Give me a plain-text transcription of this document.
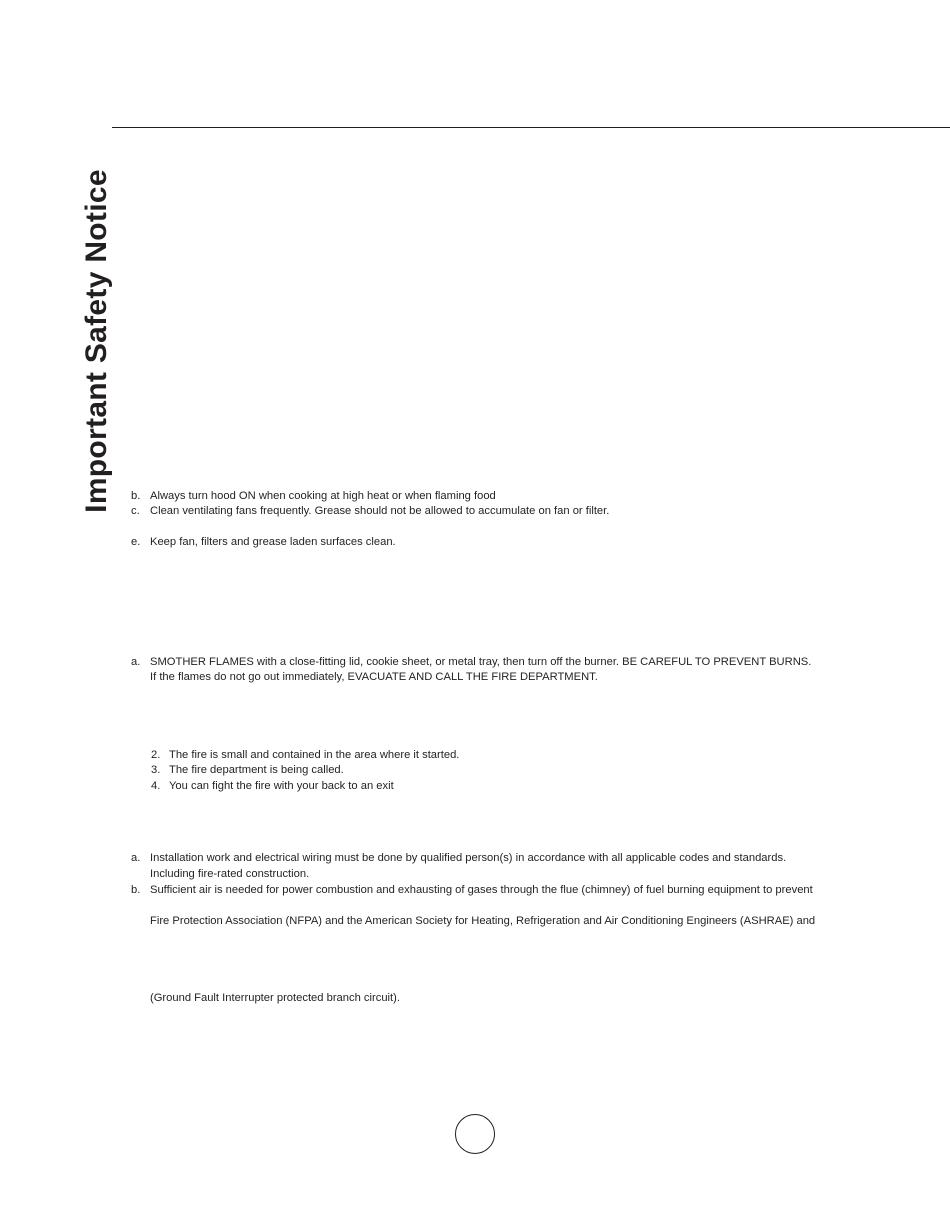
Important Safety Notice b. Always turn hood ON when cooking at high heat or when flaming food
c. Clean ventilating fans frequently. Grease should not be allowed to accumulate on fan or filter.
e. Keep fan, filters and grease laden surfaces clean.
a. SMOTHER FLAMES with a close-fitting lid, cookie sheet, or metal tray, then turn off the burner. BE CAREFUL TO PREVENT BURNS.
If the flames do not go out immediately, EVACUATE AND CALL THE FIRE DEPARTMENT.
2. The fire is small and contained in the area where it started.
3. The fire department is being called.
4. You can fight the fire with your back to an exit
a. Installation work and electrical wiring must be done by qualified person(s) in accordance with all applicable codes and standards.
Including fire-rated construction.
b. Sufficient air is needed for power combustion and exhausting of gases through the flue (chimney) of fuel burning equipment to prevent
Fire Protection Association (NFPA) and the American Society for Heating, Refrigeration and Air Conditioning Engineers (ASHRAE) and
(Ground Fault Interrupter protected branch circuit).
